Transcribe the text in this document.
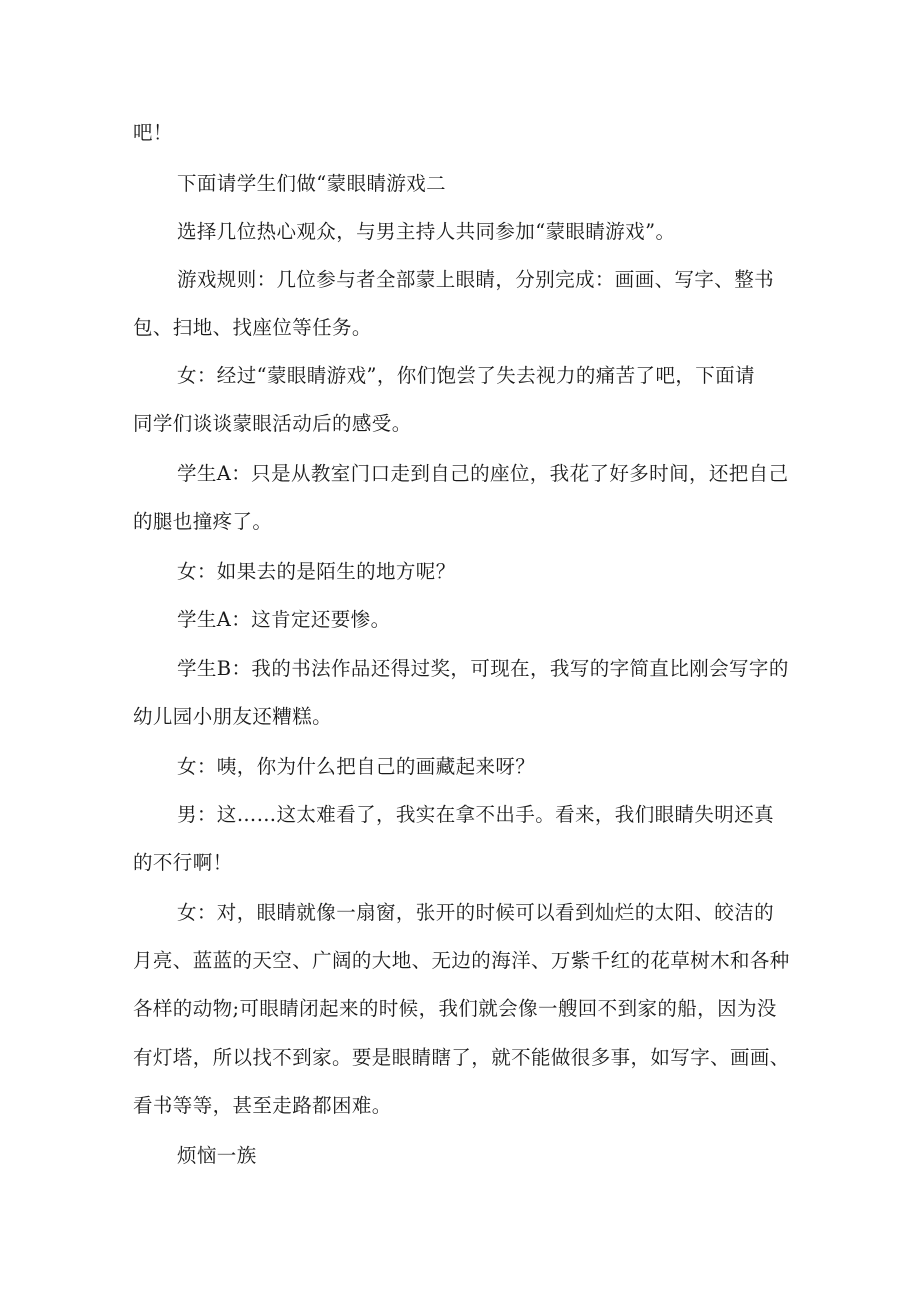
吧！
下面请学生们做“蒙眼睛游戏二
选择几位热心观众，与男主持人共同参加“蒙眼睛游戏”。
游戏规则：几位参与者全部蒙上眼睛，分别完成：画画、写字、整书
包、扫地、找座位等任务。
女：经过“蒙眼睛游戏”，你们饱尝了失去视力的痛苦了吧，下面请
同学们谈谈蒙眼活动后的感受。
学生A：只是从教室门口走到自己的座位，我花了好多时间，还把自己
的腿也撞疼了。
女：如果去的是陌生的地方呢？
学生A：这肯定还要惨。
学生B：我的书法作品还得过奖，可现在，我写的字简直比刚会写字的
幼儿园小朋友还糟糕。
女：咦，你为什么把自己的画藏起来呀？
男：这……这太难看了，我实在拿不出手。看来，我们眼睛失明还真
的不行啊！
女：对，眼睛就像一扇窗，张开的时候可以看到灿烂的太阳、皎洁的
月亮、蓝蓝的天空、广阔的大地、无边的海洋、万紫千红的花草树木和各种
各样的动物;可眼睛闭起来的时候，我们就会像一艘回不到家的船，因为没
有灯塔，所以找不到家。要是眼睛瞎了，就不能做很多事，如写字、画画、
看书等等，甚至走路都困难。
烦恼一族
